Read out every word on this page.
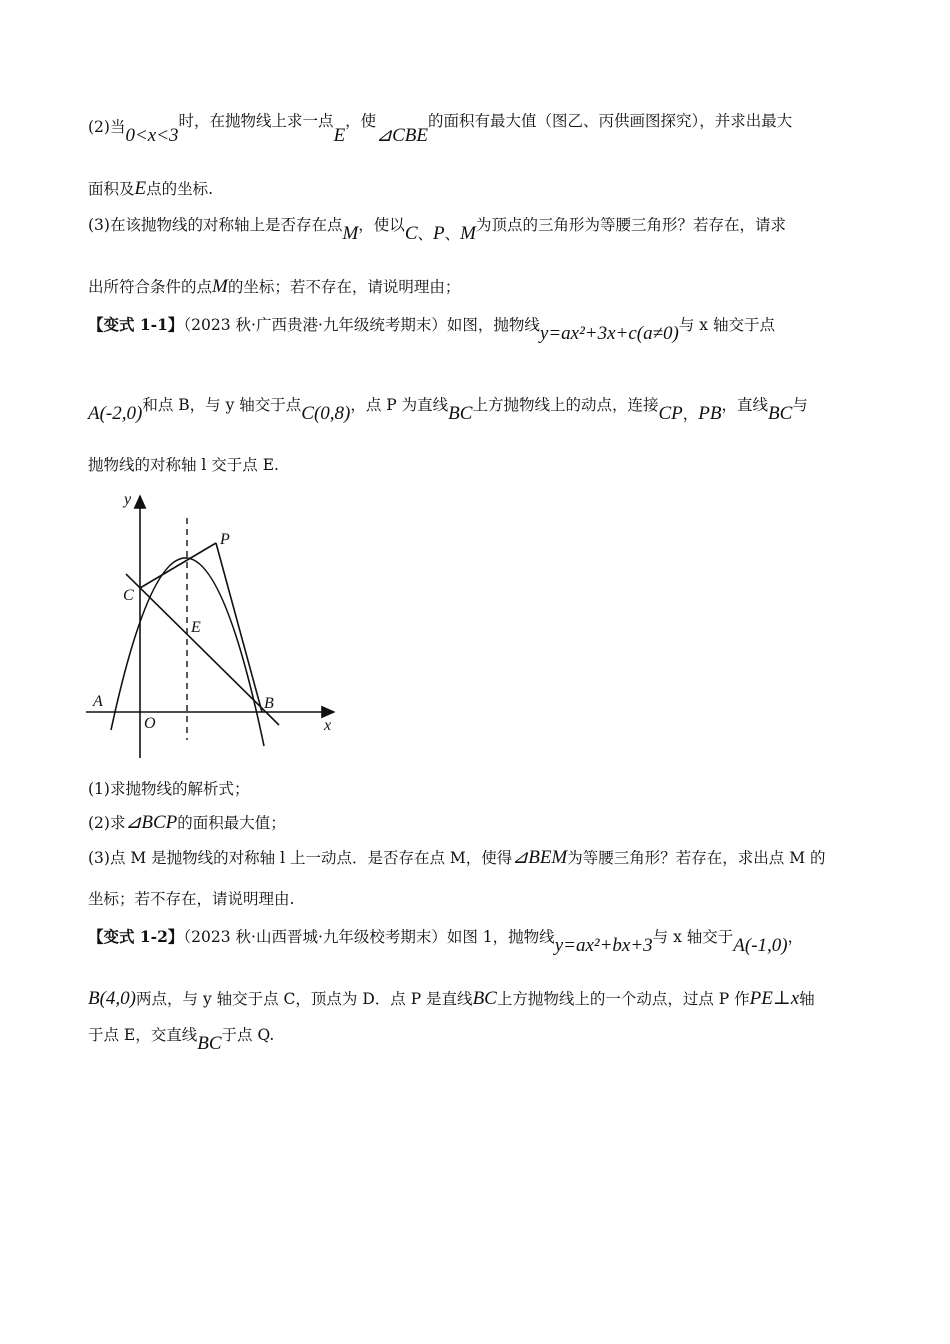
(2)当0<x<3时，在抛物线上求一点E，使⊿CBE的面积有最大值（图乙、丙供画图探究），并求出最大
面积及E点的坐标.
(3)在该抛物线的对称轴上是否存在点M，使以C、P、M为顶点的三角形为等腰三角形？若存在，请求
出所符合条件的点M的坐标；若不存在，请说明理由；
【变式 1-1】（2023 秋·广西贵港·九年级统考期末）如图，抛物线y=ax²+3x+c(a≠0)与 x 轴交于点
A(-2,0)和点 B，与 y 轴交于点C(0,8)，点 P 为直线BC上方抛物线上的动点，连接CP，PB，直线BC与
抛物线的对称轴 l 交于点 E.
y
x
O
A	B
C
P
E
(1)求抛物线的解析式；
(2)求⊿BCP的面积最大值；
(3)点 M 是抛物线的对称轴 l 上一动点．是否存在点 M，使得⊿BEM为等腰三角形？若存在，求出点 M 的
坐标；若不存在，请说明理由.
【变式 1-2】（2023 秋·山西晋城·九年级校考期末）如图 1，抛物线y=ax²+bx+3与 x 轴交于A(-1,0)，
B(4,0)两点，与 y 轴交于点 C，顶点为 D．点 P 是直线BC上方抛物线上的一个动点，过点 P 作PE⊥x轴
于点 E，交直线BC于点 Q.
